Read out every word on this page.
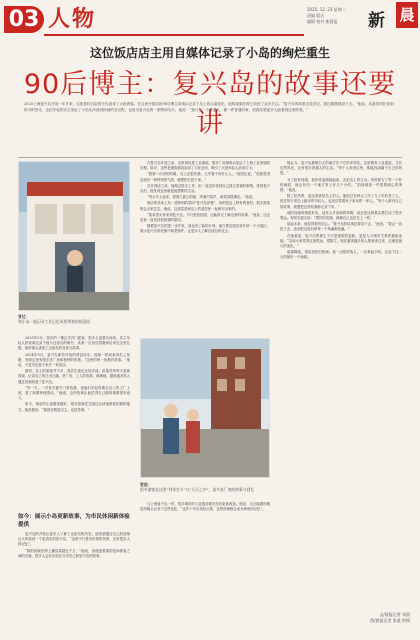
03 人物	2025. 12. 23 星期二
责编 版式
编辑 校对 新晨报	新 晨
这位饭店店主用自媒体记录了小岛的绚烂重生
90后博主：复兴岛的故事还要讲
2025上海复兴岛开放一年多来，这座曾经沉寂的小岛迎来了大批游客。在这里开饭店的90后博主用镜头记录下岛上的点滴变化，他的视频在网上收获了众多关注。“复兴岛的故事还没讲完，我还要继续讲下去。”他说。从最初的好奇到如今的坚守，这位年轻的店主见证了小岛从冷清到热闹的全过程，也成为复兴岛的一张特别名片。他说：“我只是一个普通人，做一件普通的事，但我希望更多人能看到这里的美。”
背过：
和小岛一起记录工业记忆风景带来的惊喜回

2025年3月，饭店的一楼正式开门迎客，很多人是慕名而来。店主年轻人的视频记录下他与这座岛的缘分，从第一次登岛拍摄到后来在这里扎根，他用镜头讲述了这座岛的变化与故事。

2024年9月，复兴岛即将开放的消息传出，他第一时间来到岛上拍摄，发现这里有很多老厂房和独特的风景。“这里的每一处都有故事。”他说，于是决定留下来开一家饭店。

最初，岛上的游客并不多，饭店生意也比较冷清。但他坚持每天更新视频，记录岛上的日出日落、老厂房、工人的故事，渐渐地，越来越多的人通过视频知道了复兴岛。

“有一天，一对老夫妻专门来找我，说他们年轻时就在岛上的工厂上班，看了视频特别感动。”他说，这些故事让他觉得自己做的事情很有意义。

如今，饭店的生意越来越好，很多游客吃完饭还会请他推荐拍照的地方。他笑着说：“我现在既是店主，也是导游。”

如今：展示小岛更新故事，为市民休闲新体验提供

复兴岛的开放让更多人了解了这座岛的历史。他希望通过自己的视频让大家看到一个更真实的复兴岛，“这里不只是有好看的风景，还有很多人的记忆”。

“我的视频在网上播放量超过千万，”他说，但他更看重的是和游客之间的交流，很多人会在评论区分享自己和复兴岛的故事。

在复兴岛开放之前，这里曾经是工业重地，很多厂房和码头见证了上海工业发展的历程。如今，这些老建筑被改造成了文化空间，吸引了大批年轻人前来打卡。

“我第一次来的时候，岛上还很安静，几乎看不到什么人。”他回忆说，“但我觉得这里有一种特别的气质，就想把它拍下来。”

在开饭店之前，他做过很多工作，但一直没有找到自己真正喜欢的事情。来到复兴岛后，他发现这里就是他想要的生活。

“每天早上起来，看着江面上的船，听着汽笛声，就觉得很满足。”他说。

饭店的菜单上有一道特别的菜叫“复兴岛套餐”，用的是岛上特有的食材，很多游客都会点来尝尝。他说，这道菜是和岛上的老居民一起研究出来的。

“我希望大家来到复兴岛，不只是拍拍照，还能真正了解这里的故事。”他说，这也是他一直坚持拍视频的原因。

随着复兴岛的进一步开发，他也有了新的计划。他打算在饭店里开辟一个小展区，展示复兴岛的老照片和老物件，让更多人了解这座岛的过去。

更迭：
很多游客在这里“拜年打卡”与“凡天之中”，谈多老厂房的故事与回忆

与上海复兴岛一样，很多城市的工业遗存都在经历更新改造。他说，自己能做的就是用镜头记录下这些变化，“也许十年后再回头看，这些视频都会成为珍贵的记忆”。

他认为，复兴岛最吸引人的地方在于它的多样性。这里既有工业遗迹，又有自然风光，还有很多普通人的生活。“每个人来到这里，都能找到属于自己的风景。”

为了拍好视频，他常常凌晨就起床，去拍岛上的日出。有时候为了等一个好的画面，他会在同一个地方等上好几个小时。“拍视频是一件需要耐心的事情。”他说。

除了拍风景，他还喜欢拍岛上的人。他拍过在码头工作了几十年的老工人，拍过每天来岛上跑步的年轻人，也拍过带着孩子来玩的一家人。“每个人都有自己的故事，我想把这些故事都记录下来。”

他的视频风格很朴实，没有太多花哨的剪辑，但正是这种真实感打动了很多观众。有网友留言说：“看你的视频，就像自己也在岛上一样。”

说起未来，他显得很有信心。“复兴岛的故事还要讲下去，”他说，“我会一直拍下去，直到把这座岛的每一个角落都拍遍。”

在他看来，复兴岛的重生不只是建筑的更新，更是人与城市关系的重新连接。“以前大家觉得这里很远、很陌生，现在越来越多的人愿意来这里，这就是最大的变化。”

夜幕降临，饭店里依旧热闹。他一边招呼客人，一边拿起手机，记录下这一天的最后一个画面。

文/晨报记者 刘晨
图/晨报记者 张晨 供图
